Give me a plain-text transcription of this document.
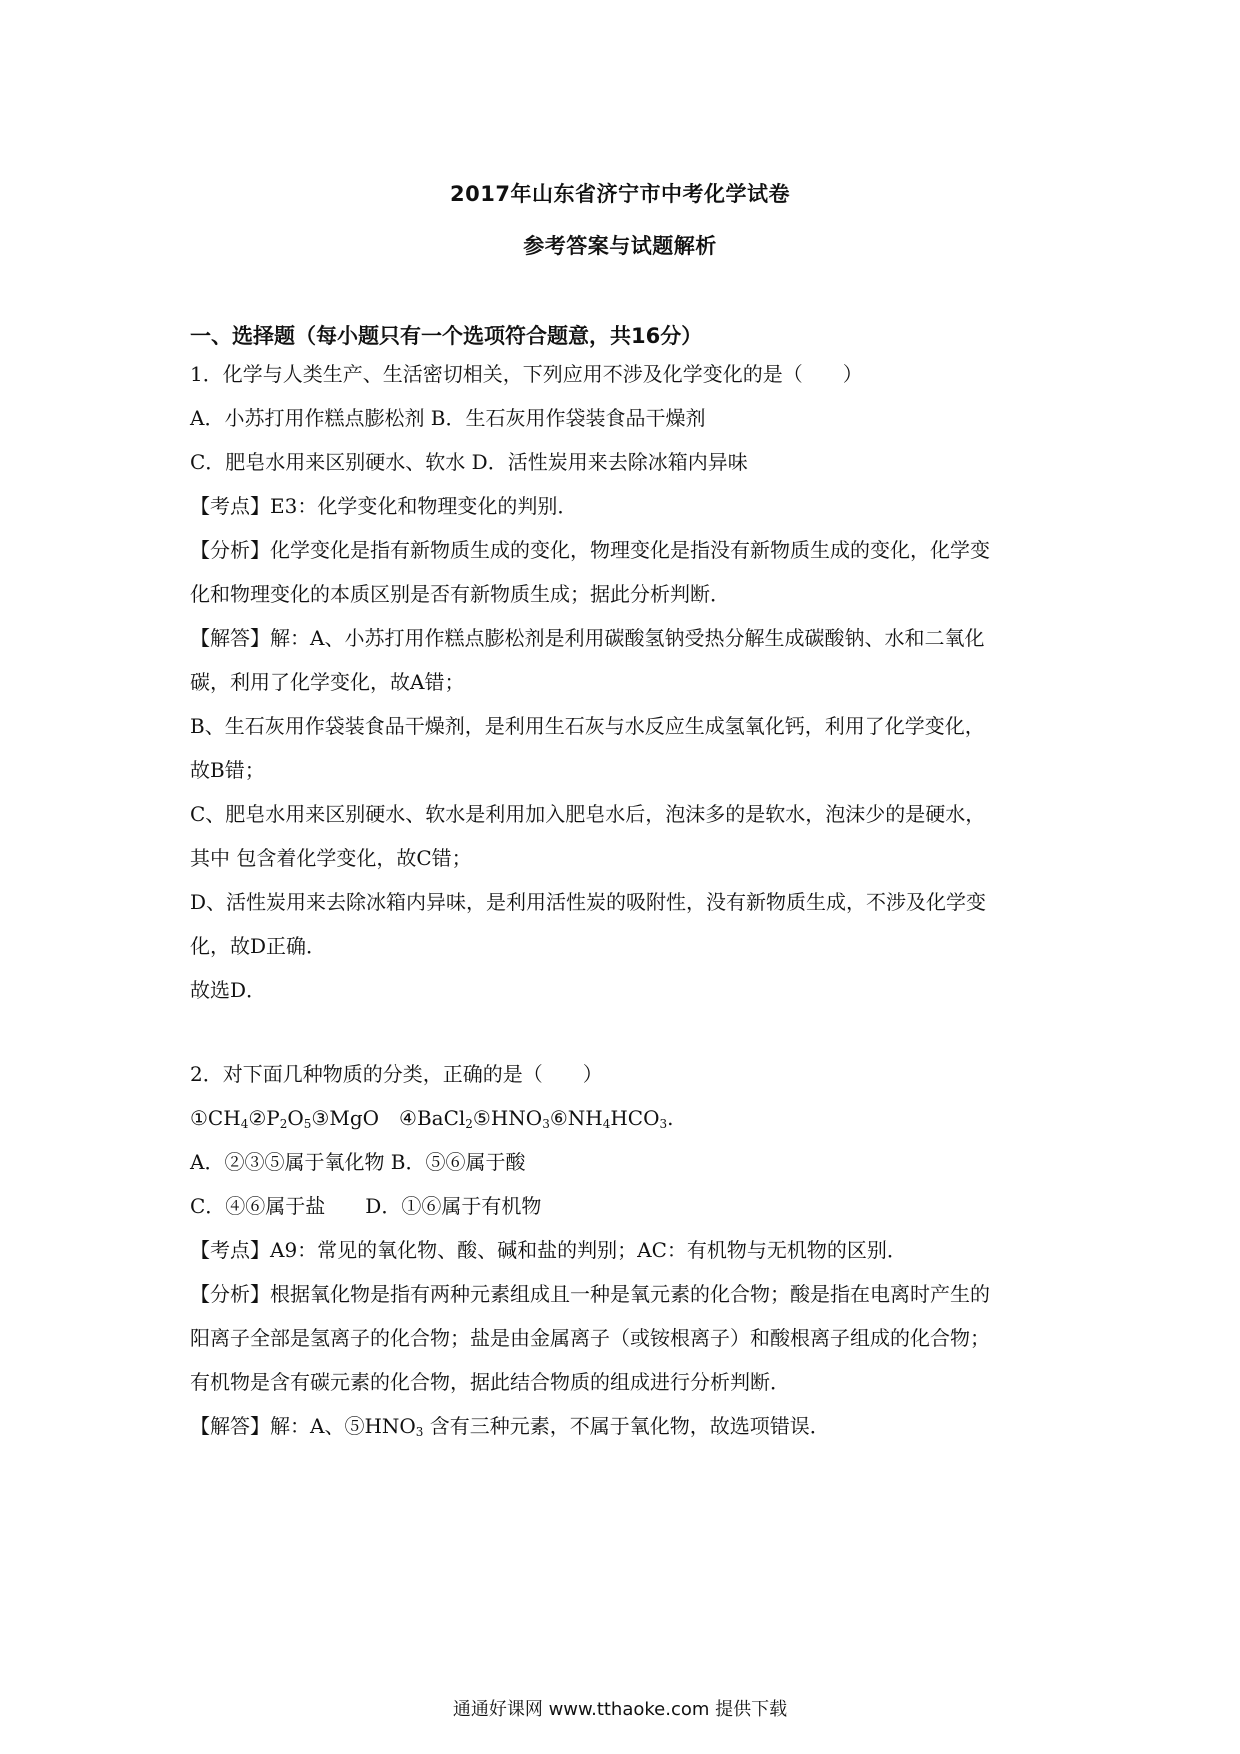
2017年山东省济宁市中考化学试卷
参考答案与试题解析
一、选择题（每小题只有一个选项符合题意，共16分）
1．化学与人类生产、生活密切相关，下列应用不涉及化学变化的是（　　）
A．小苏打用作糕点膨松剂 B．生石灰用作袋装食品干燥剂
C．肥皂水用来区别硬水、软水 D．活性炭用来去除冰箱内异味
【考点】E3：化学变化和物理变化的判别．
【分析】化学变化是指有新物质生成的变化，物理变化是指没有新物质生成的变化，化学变
化和物理变化的本质区别是否有新物质生成；据此分析判断．
【解答】解：A、小苏打用作糕点膨松剂是利用碳酸氢钠受热分解生成碳酸钠、水和二氧化
碳，利用了化学变化，故A错；
B、生石灰用作袋装食品干燥剂，是利用生石灰与水反应生成氢氧化钙，利用了化学变化，
故B错；
C、肥皂水用来区别硬水、软水是利用加入肥皂水后，泡沫多的是软水，泡沫少的是硬水，
其中 包含着化学变化，故C错；
D、活性炭用来去除冰箱内异味，是利用活性炭的吸附性，没有新物质生成，不涉及化学变
化，故D正确．
故选D．
2．对下面几种物质的分类，正确的是（　　）
$①CH_4②P_2O_5③MgO$　$④BaCl_2⑤HNO_3⑥NH_4HCO_3$.
A．②③⑤属于氧化物 B．⑤⑥属于酸
C．④⑥属于盐　　D．①⑥属于有机物
【考点】A9：常见的氧化物、酸、碱和盐的判别；AC：有机物与无机物的区别．
【分析】根据氧化物是指有两种元素组成且一种是氧元素的化合物；酸是指在电离时产生的
阳离子全部是氢离子的化合物；盐是由金属离子（或铵根离子）和酸根离子组成的化合物；
有机物是含有碳元素的化合物，据此结合物质的组成进行分析判断．
【解答】解：A、$⑤HNO_3$ 含有三种元素，不属于氧化物，故选项错误．
通通好课网 www.tthaoke.com 提供下载
